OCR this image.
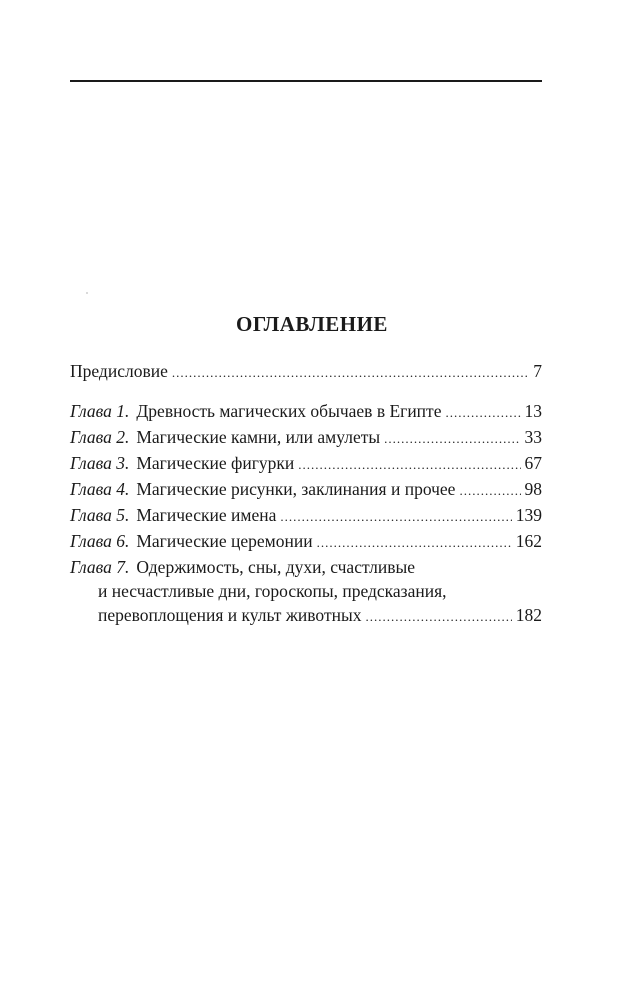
ОГЛАВЛЕНИЕ
Предисловие .....	7
Глава 1. Древность магических обычаев в Египте .....	13
Глава 2. Магические камни, или амулеты .....	33
Глава 3. Магические фигурки .....	67
Глава 4. Магические рисунки, заклинания и прочее .....	98
Глава 5. Магические имена .....	139
Глава 6. Магические церемонии .....	162
Глава 7. Одержимость, сны, духи, счастливые
и несчастливые дни, гороскопы, предсказания,
перевоплощения и культ животных .....	182
